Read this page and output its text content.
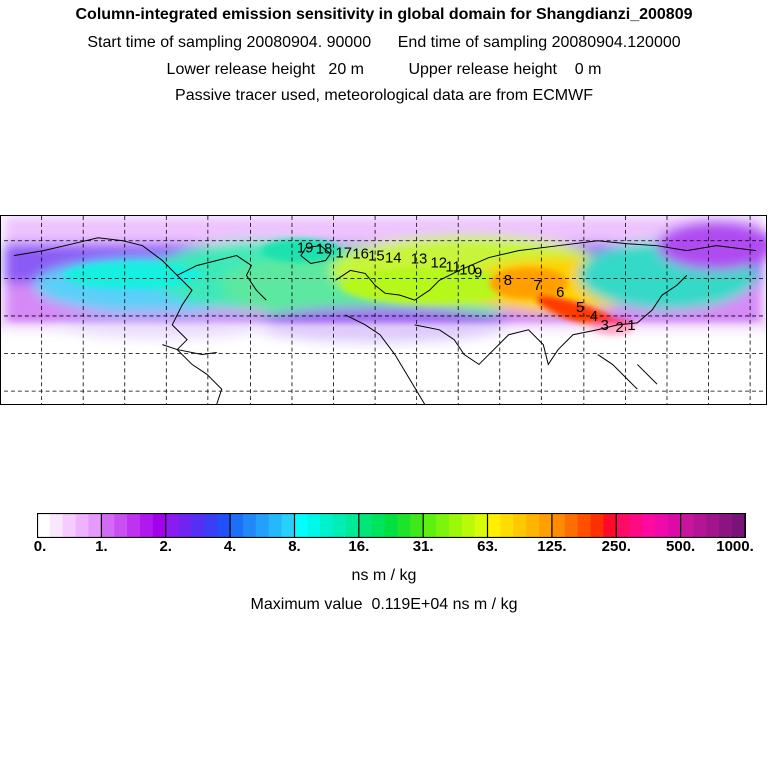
Column-integrated emission sensitivity in global domain for Shangdianzi_200809
Start time of sampling 20080904. 90000      End time of sampling 20080904.120000
Lower release height   20 m          Upper release height    0 m
Passive tracer used, meteorological data are from ECMWF
19 18 17 16 15 14 13 12
11
10
9 8 7 6
5
4
3 2 1
0.	1.	2.	4.	8.	16.	31.	63.	125. 250. 500. 1000.
ns m / kg
Maximum value  0.119E+04 ns m / kg
